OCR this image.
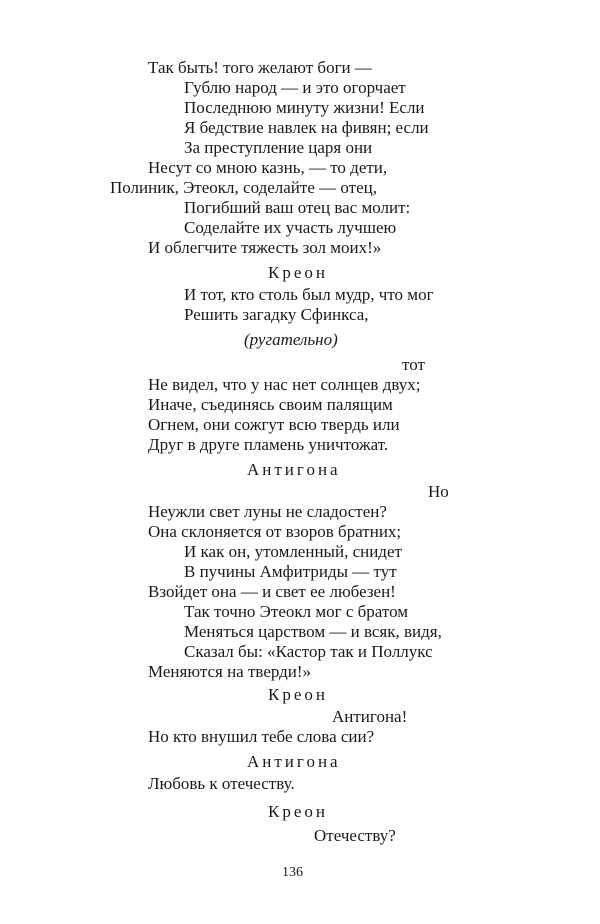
Так быть! того желают боги —
Гублю народ — и это огорчает
Последнюю минуту жизни! Если
Я бедствие навлек на фивян; если
За преступление царя они
Несут со мною казнь, — то дети,
Полиник, Этеокл, соделайте — отец,
Погибший ваш отец вас молит:
Соделайте их участь лучшею
И облегчите тяжесть зол моих!»
Креон
И тот, кто столь был мудр, что мог
Решить загадку Сфинкса,
(ругательно)
тот
Не видел, что у нас нет солнцев двух;
Иначе, съединясь своим палящим
Огнем, они сожгут всю твердь или
Друг в друге пламень уничтожат.
Антигона
Но
Неужли свет луны не сладостен?
Она склоняется от взоров братних;
И как он, утомленный, снидет
В пучины Амфитриды — тут
Взойдет она — и свет ее любезен!
Так точно Этеокл мог с братом
Меняться царством — и всяк, видя,
Сказал бы: «Кастор так и Поллукс
Меняются на тверди!»
Креон
Антигона!
Но кто внушил тебе слова сии?
Антигона
Любовь к отечеству.
Креон
Отечеству?
136
